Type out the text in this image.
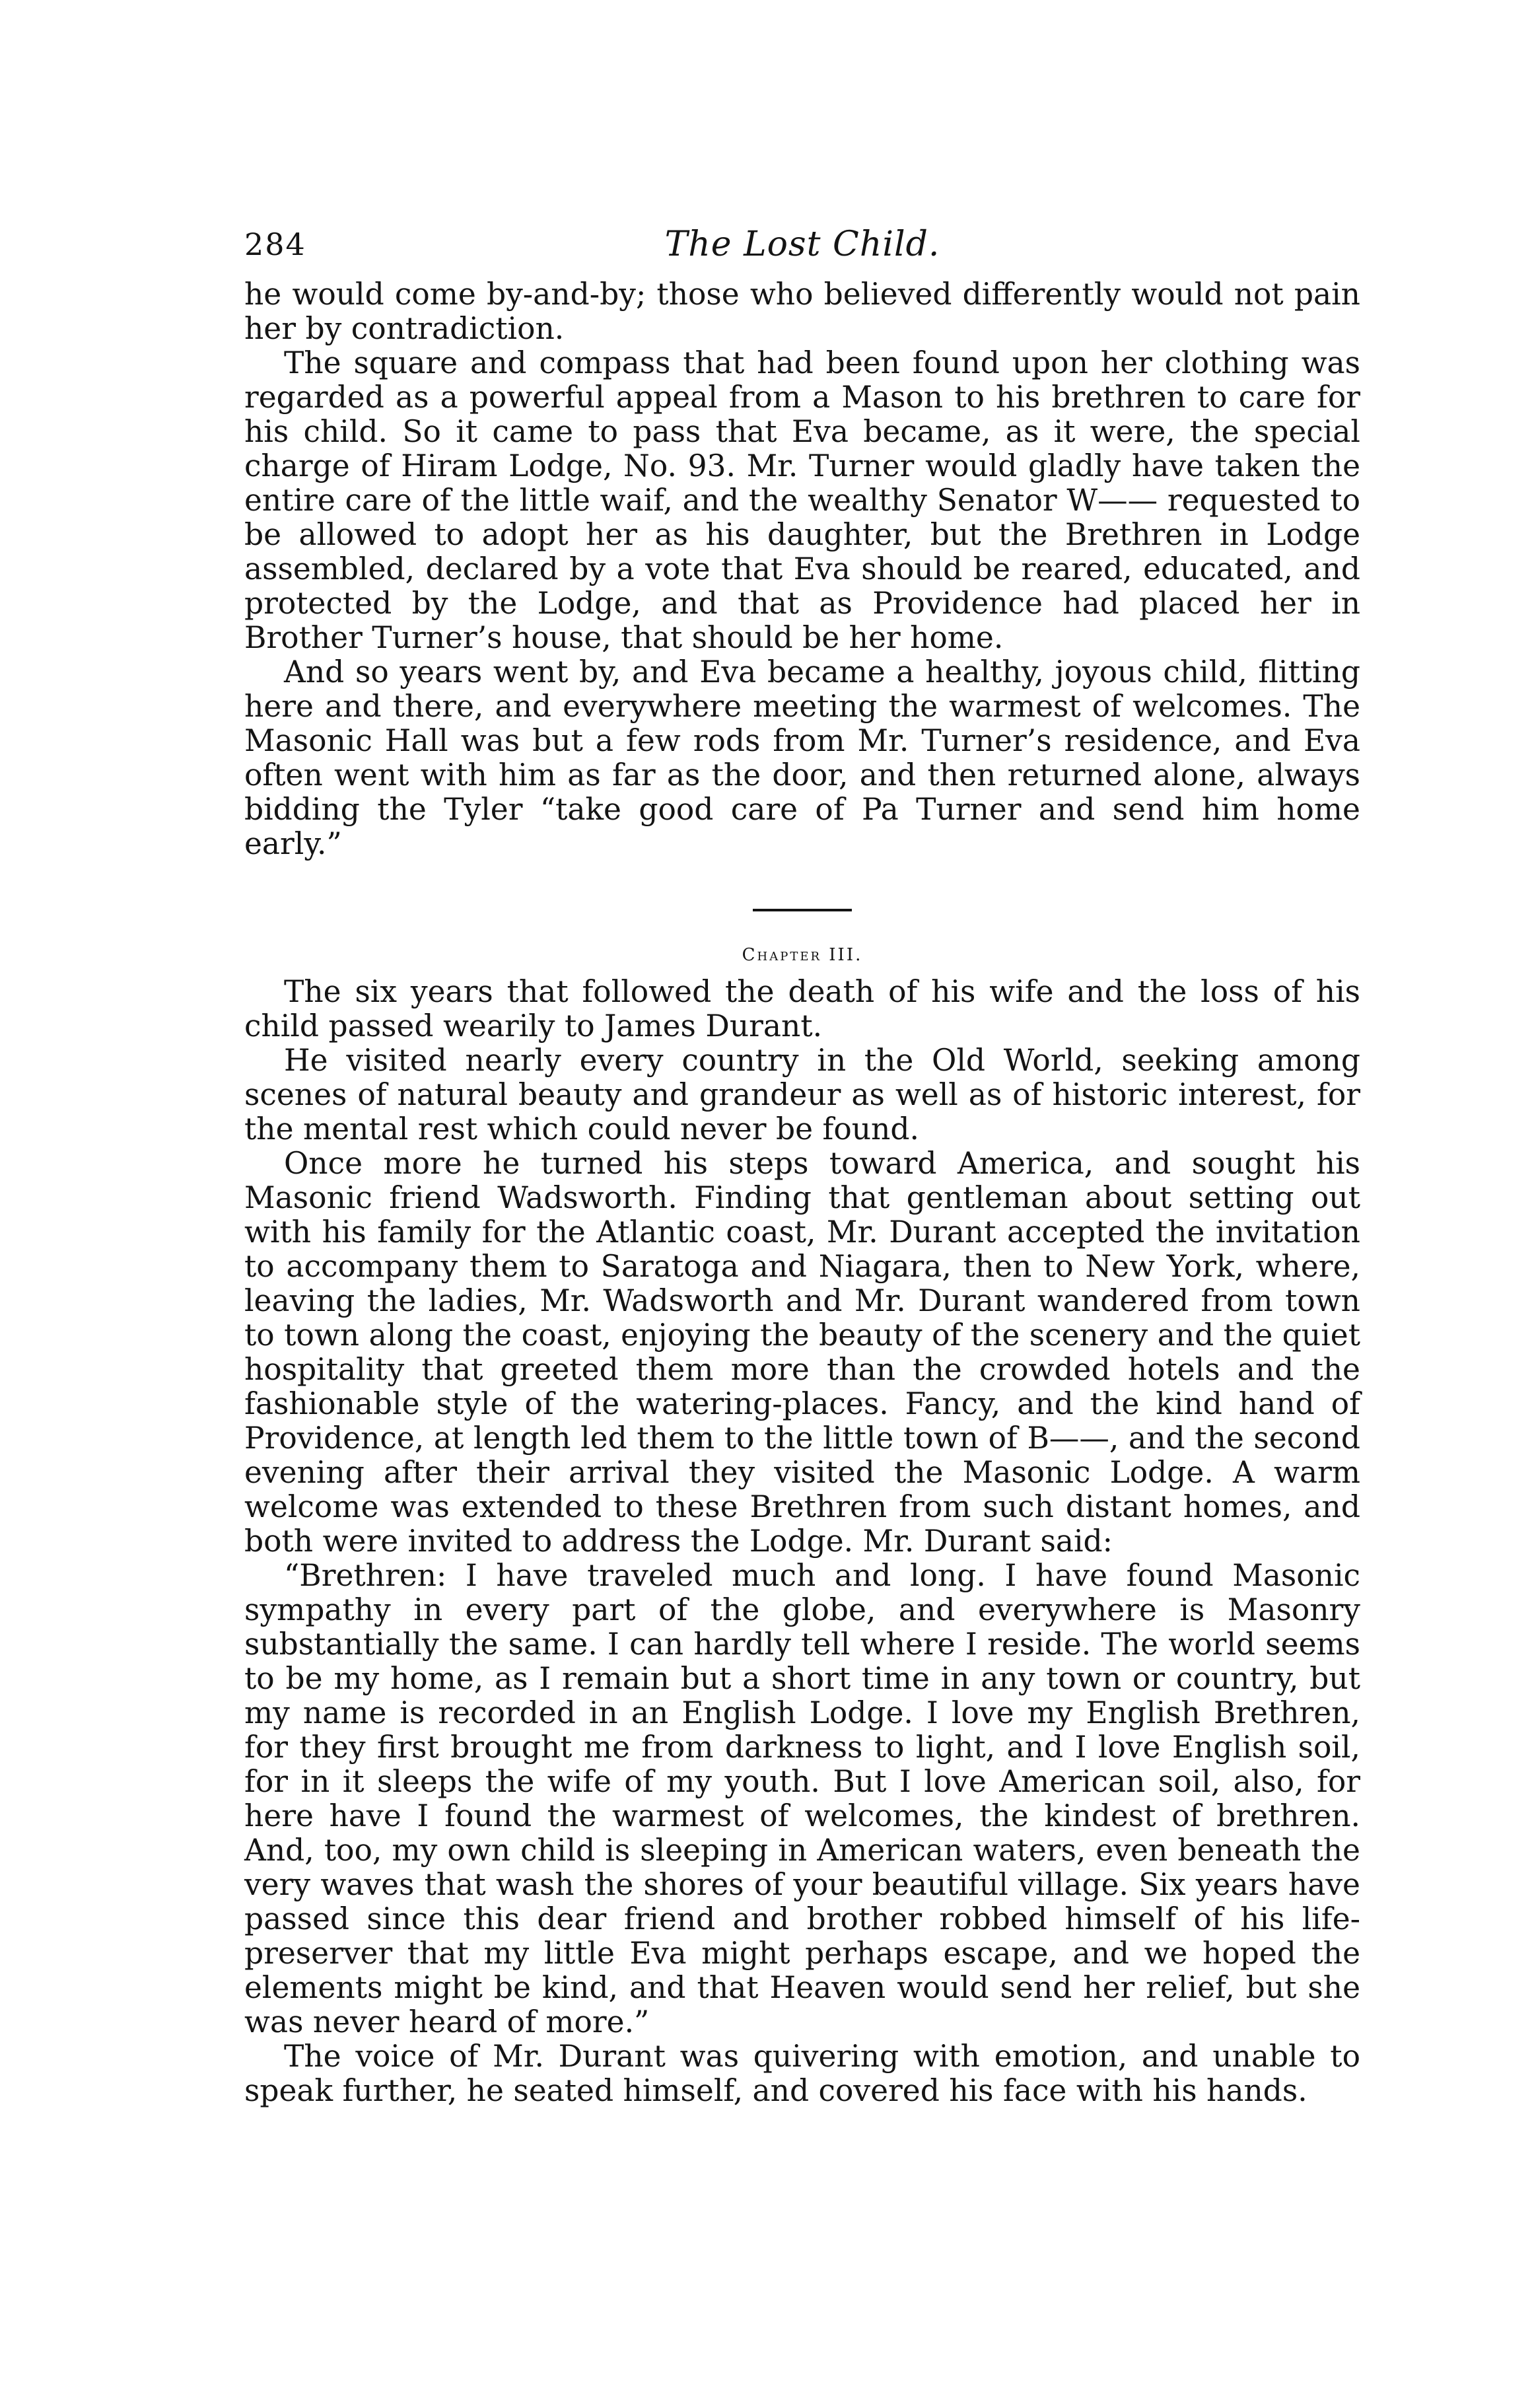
284	The Lost Child.

he would come by-and-by; those who believed differently would not pain her by contradiction.

The square and compass that had been found upon her clothing was regarded as a powerful appeal from a Mason to his brethren to care for his child. So it came to pass that Eva became, as it were, the special charge of Hiram Lodge, No. 93. Mr. Turner would gladly have taken the entire care of the little waif, and the wealthy Senator W—— requested to be allowed to adopt her as his daughter, but the Brethren in Lodge assembled, declared by a vote that Eva should be reared, educated, and protected by the Lodge, and that as Providence had placed her in Brother Turner’s house, that should be her home.

And so years went by, and Eva became a healthy, joyous child, flitting here and there, and everywhere meeting the warmest of welcomes. The Masonic Hall was but a few rods from Mr. Turner’s residence, and Eva often went with him as far as the door, and then returned alone, always bidding the Tyler “take good care of Pa Turner and send him home early.”

Chapter III.

The six years that followed the death of his wife and the loss of his child passed wearily to James Durant.

He visited nearly every country in the Old World, seeking among scenes of natural beauty and grandeur as well as of historic interest, for the mental rest which could never be found.

Once more he turned his steps toward America, and sought his Masonic friend Wadsworth. Finding that gentleman about setting out with his family for the Atlantic coast, Mr. Durant accepted the invitation to accompany them to Saratoga and Niagara, then to New York, where, leaving the ladies, Mr. Wadsworth and Mr. Durant wandered from town to town along the coast, enjoying the beauty of the scenery and the quiet hospitality that greeted them more than the crowded hotels and the fashionable style of the watering-places. Fancy, and the kind hand of Providence, at length led them to the little town of B——, and the second evening after their arrival they visited the Masonic Lodge. A warm welcome was extended to these Brethren from such distant homes, and both were invited to address the Lodge. Mr. Durant said:

“Brethren: I have traveled much and long. I have found Masonic sympathy in every part of the globe, and everywhere is Masonry substantially the same. I can hardly tell where I reside. The world seems to be my home, as I remain but a short time in any town or country, but my name is recorded in an English Lodge. I love my English Brethren, for they first brought me from darkness to light, and I love English soil, for in it sleeps the wife of my youth. But I love American soil, also, for here have I found the warmest of welcomes, the kindest of brethren. And, too, my own child is sleeping in American waters, even beneath the very waves that wash the shores of your beautiful village. Six years have passed since this dear friend and brother robbed himself of his life-preserver that my little Eva might perhaps escape, and we hoped the elements might be kind, and that Heaven would send her relief, but she was never heard of more.”

The voice of Mr. Durant was quivering with emotion, and unable to speak further, he seated himself, and covered his face with his hands.
